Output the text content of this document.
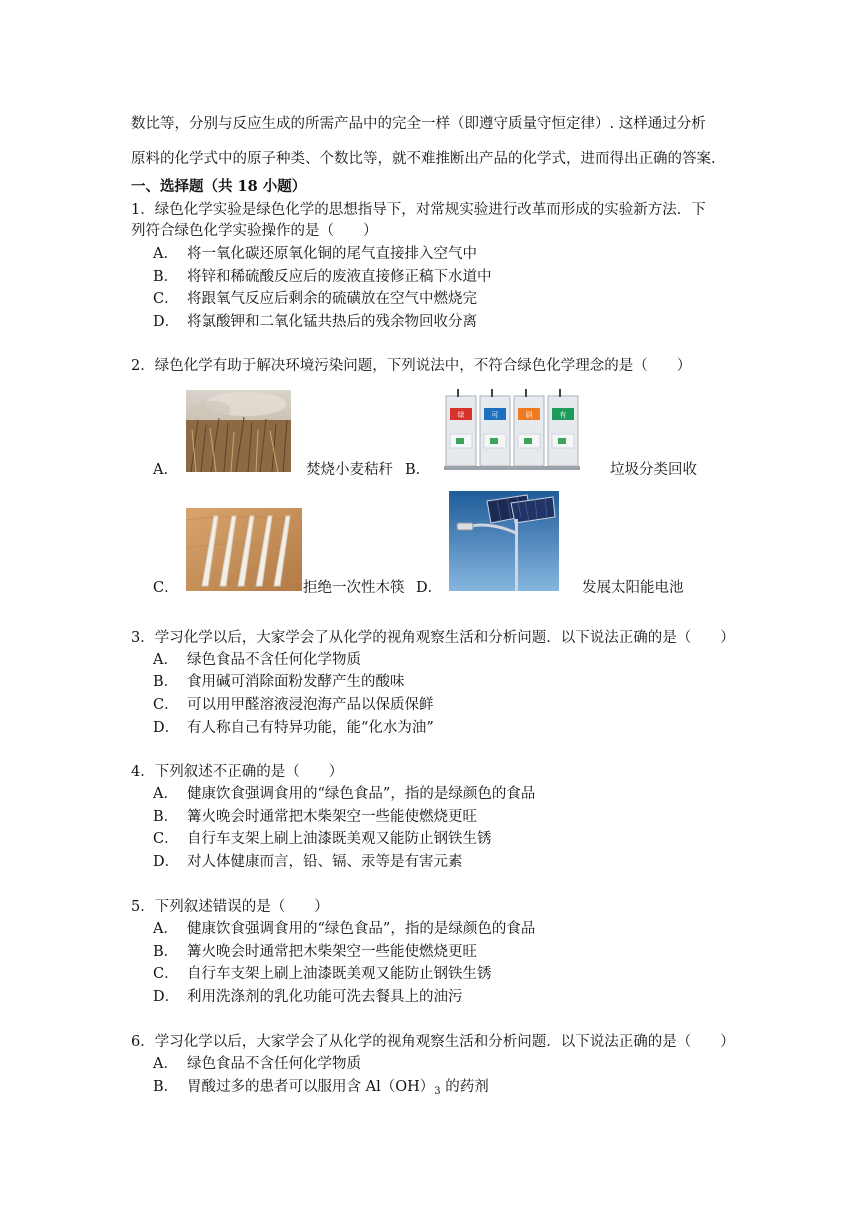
数比等，分别与反应生成的所需产品中的完全一样（即遵守质量守恒定律）. 这样通过分析
原料的化学式中的原子种类、个数比等，就不难推断出产品的化学式，进而得出正确的答案.
一、选择题（共 18 小题）
1．绿色化学实验是绿色化学的思想指导下，对常规实验进行改革而形成的实验新方法．下
列符合绿色化学实验操作的是（　　）
A． 将一氧化碳还原氧化铜的尾气直接排入空气中
B． 将锌和稀硫酸反应后的废液直接修正稿下水道中
C． 将跟氧气反应后剩余的硫磺放在空气中燃烧完
D． 将氯酸钾和二氧化锰共热后的残余物回收分离
2．绿色化学有助于解决环境污染问题，下列说法中，不符合绿色化学理念的是（　　）
A．	焚烧小麦秸秆 B．
绿	可	厨	有
垃圾分类回收
C．	拒绝一次性木筷 D．	发展太阳能电池
3．学习化学以后，大家学会了从化学的视角观察生活和分析问题．以下说法正确的是（　　）
A． 绿色食品不含任何化学物质
B． 食用碱可消除面粉发酵产生的酸味
C． 可以用甲醛溶液浸泡海产品以保质保鲜
D． 有人称自己有特异功能，能“化水为油”
4．下列叙述不正确的是（　　）
A． 健康饮食强调食用的“绿色食品”，指的是绿颜色的食品
B． 篝火晚会时通常把木柴架空一些能使燃烧更旺
C． 自行车支架上刷上油漆既美观又能防止钢铁生锈
D． 对人体健康而言，铅、镉、汞等是有害元素
5．下列叙述错误的是（　　）
A． 健康饮食强调食用的“绿色食品”，指的是绿颜色的食品
B． 篝火晚会时通常把木柴架空一些能使燃烧更旺
C． 自行车支架上刷上油漆既美观又能防止钢铁生锈
D． 利用洗涤剂的乳化功能可洗去餐具上的油污
6．学习化学以后，大家学会了从化学的视角观察生活和分析问题．以下说法正确的是（　　）
A． 绿色食品不含任何化学物质
B． 胃酸过多的患者可以服用含 $Al(OH)_3$ 的药剂
